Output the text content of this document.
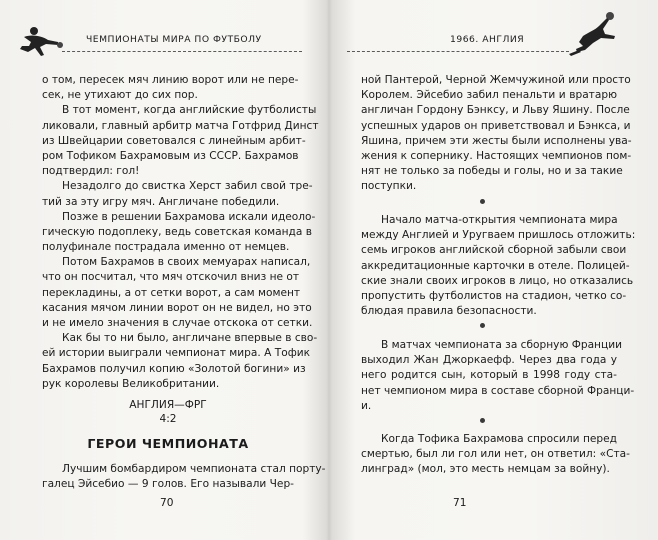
ЧЕМПИОНАТЫ МИРА ПО ФУТБОЛУ
о том, пересек мяч линию ворот или не пере-
сек, не утихают до сих пор.
В тот момент, когда английские футболисты
ликовали, главный арбитр матча Готфрид Динст
из Швейцарии советовался с линейным арбит-
ром Тофиком Бахрамовым из СССР. Бахрамов
подтвердил: гол!
Незадолго до свистка Херст забил свой тре-
тий за эту игру мяч. Англичане победили.
Позже в решении Бахрамова искали идеоло-
гическую подоплеку, ведь советская команда в
полуфинале пострадала именно от немцев.
Потом Бахрамов в своих мемуарах написал,
что он посчитал, что мяч отскочил вниз не от
перекладины, а от сетки ворот, а сам момент
касания мячом линии ворот он не видел, но это
и не имело значения в случае отскока от сетки.
Как бы то ни было, англичане впервые в сво-
ей истории выиграли чемпионат мира. А Тофик
Бахрамов получил копию «Золотой богини» из
рук королевы Великобритании.
АНГЛИЯ—ФРГ
4:2
ГЕРОИ ЧЕМПИОНАТА
Лучшим бомбардиром чемпионата стал порту-
галец Эйсебио — 9 голов. Его называли Чер-
70
1966. АНГЛИЯ
ной Пантерой, Черной Жемчужиной или просто
Королем. Эйсебио забил пенальти и вратарю
англичан Гордону Бэнксу, и Льву Яшину. После
успешных ударов он приветствовал и Бэнкса, и
Яшина, причем эти жесты были исполнены ува-
жения к сопернику. Настоящих чемпионов пом-
нят не только за победы и голы, но и за такие
поступки.
Начало матча-открытия чемпионата мира
между Англией и Уругваем пришлось отложить:
семь игроков английской сборной забыли свои
аккредитационные карточки в отеле. Полицей-
ские знали своих игроков в лицо, но отказались
пропустить футболистов на стадион, четко со-
блюдая правила безопасности.
В матчах чемпионата за сборную Франции
выходил Жан Джоркаефф. Через два года у
него родится сын, который в 1998 году ста-
нет чемпионом мира в составе сборной Франци-
и.
Когда Тофика Бахрамова спросили перед
смертью, был ли гол или нет, он ответил: «Ста-
линград» (мол, это месть немцам за войну).
71
